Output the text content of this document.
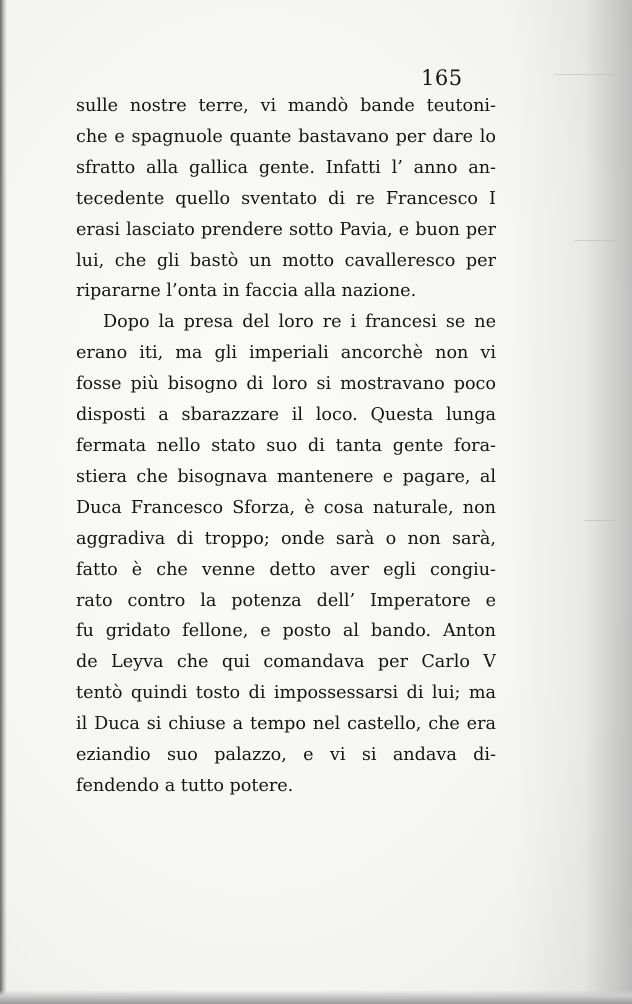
165
sulle nostre terre, vi mandò bande teutoni-
che e spagnuole quante bastavano per dare lo
sfratto alla gallica gente. Infatti l’ anno an-
tecedente quello sventato di re Francesco I
erasi lasciato prendere sotto Pavia, e buon per
lui, che gli bastò un motto cavalleresco per
ripararne l’onta in faccia alla nazione.
Dopo la presa del loro re i francesi se ne
erano iti, ma gli imperiali ancorchè non vi
fosse più bisogno di loro si mostravano poco
disposti a sbarazzare il loco. Questa lunga
fermata nello stato suo di tanta gente fora-
stiera che bisognava mantenere e pagare, al
Duca Francesco Sforza, è cosa naturale, non
aggradiva di troppo; onde sarà o non sarà,
fatto è che venne detto aver egli congiu-
rato contro la potenza dell’ Imperatore e
fu gridato fellone, e posto al bando. Anton
de Leyva che qui comandava per Carlo V
tentò quindi tosto di impossessarsi di lui; ma
il Duca si chiuse a tempo nel castello, che era
eziandio suo palazzo, e vi si andava di-
fendendo a tutto potere.
